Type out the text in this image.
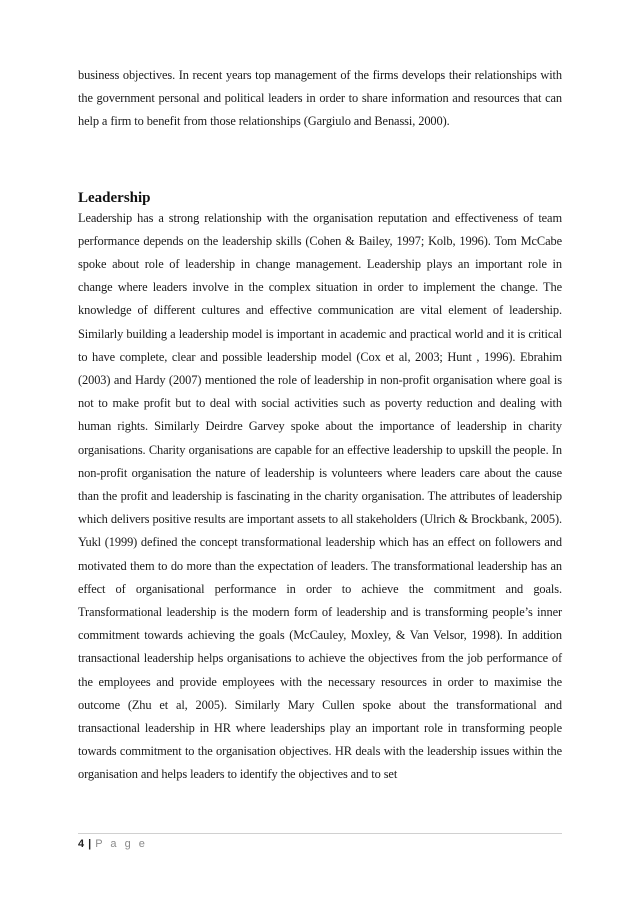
business objectives. In recent years top management of the firms develops their relationships with the government personal and political leaders in order to share information and resources that can help a firm to benefit from those relationships (Gargiulo and Benassi, 2000).

Leadership

Leadership has a strong relationship with the organisation reputation and effectiveness of team performance depends on the leadership skills (Cohen & Bailey, 1997; Kolb, 1996). Tom McCabe spoke about role of leadership in change management. Leadership plays an important role in change where leaders involve in the complex situation in order to implement the change. The knowledge of different cultures and effective communication are vital element of leadership. Similarly building a leadership model is important in academic and practical world and it is critical to have complete, clear and possible leadership model (Cox et al, 2003; Hunt , 1996). Ebrahim (2003) and Hardy (2007) mentioned the role of leadership in non-profit organisation where goal is not to make profit but to deal with social activities such as poverty reduction and dealing with human rights. Similarly Deirdre Garvey spoke about the importance of leadership in charity organisations. Charity organisations are capable for an effective leadership to upskill the people. In non-profit organisation the nature of leadership is volunteers where leaders care about the cause than the profit and leadership is fascinating in the charity organisation. The attributes of leadership which delivers positive results are important assets to all stakeholders (Ulrich & Brockbank, 2005). Yukl (1999) defined the concept transformational leadership which has an effect on followers and motivated them to do more than the expectation of leaders. The transformational leadership has an effect of organisational performance in order to achieve the commitment and goals. Transformational leadership is the modern form of leadership and is transforming people’s inner commitment towards achieving the goals (McCauley, Moxley, & Van Velsor, 1998). In addition transactional leadership helps organisations to achieve the objectives from the job performance of the employees and provide employees with the necessary resources in order to maximise the outcome (Zhu et al, 2005). Similarly Mary Cullen spoke about the transformational and transactional leadership in HR where leaderships play an important role in transforming people towards commitment to the organisation objectives. HR deals with the leadership issues within the organisation and helps leaders to identify the objectives and to set

4 | P a g e
